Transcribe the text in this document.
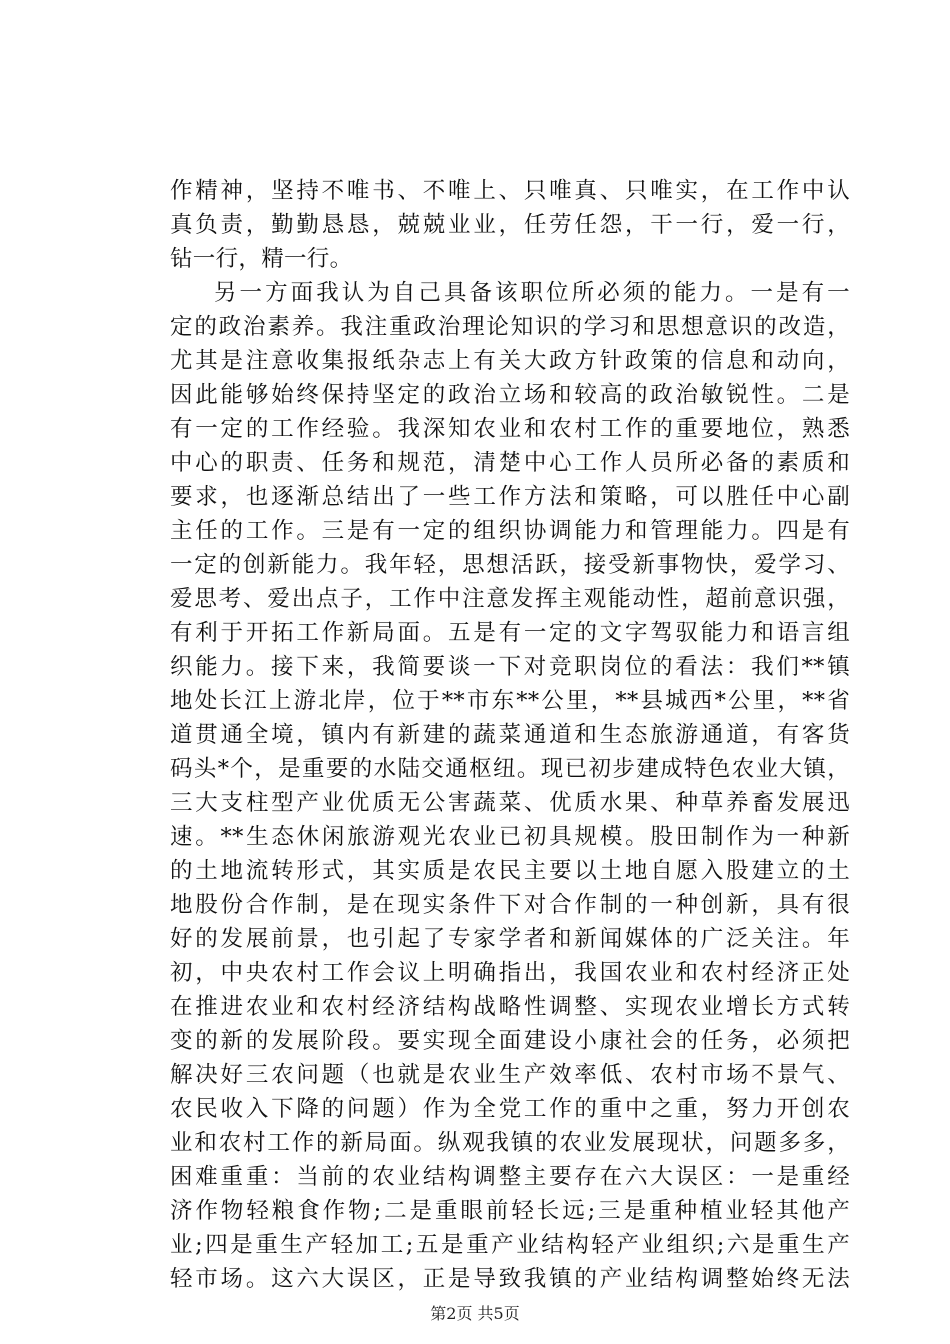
作精神，坚持不唯书、不唯上、只唯真、只唯实，在工作中认
真负责，勤勤恳恳，兢兢业业，任劳任怨，干一行，爱一行，
钻一行，精一行。
另一方面我认为自己具备该职位所必须的能力。一是有一
定的政治素养。我注重政治理论知识的学习和思想意识的改造，
尤其是注意收集报纸杂志上有关大政方针政策的信息和动向，
因此能够始终保持坚定的政治立场和较高的政治敏锐性。二是
有一定的工作经验。我深知农业和农村工作的重要地位，熟悉
中心的职责、任务和规范，清楚中心工作人员所必备的素质和
要求，也逐渐总结出了一些工作方法和策略，可以胜任中心副
主任的工作。三是有一定的组织协调能力和管理能力。四是有
一定的创新能力。我年轻，思想活跃，接受新事物快，爱学习、
爱思考、爱出点子，工作中注意发挥主观能动性，超前意识强，
有利于开拓工作新局面。五是有一定的文字驾驭能力和语言组
织能力。接下来，我简要谈一下对竞职岗位的看法：我们**镇
地处长江上游北岸，位于**市东**公里，**县城西*公里，**省
道贯通全境，镇内有新建的蔬菜通道和生态旅游通道，有客货
码头*个，是重要的水陆交通枢纽。现已初步建成特色农业大镇，
三大支柱型产业优质无公害蔬菜、优质水果、种草养畜发展迅
速。**生态休闲旅游观光农业已初具规模。股田制作为一种新
的土地流转形式，其实质是农民主要以土地自愿入股建立的土
地股份合作制，是在现实条件下对合作制的一种创新，具有很
好的发展前景，也引起了专家学者和新闻媒体的广泛关注。年
初，中央农村工作会议上明确指出，我国农业和农村经济正处
在推进农业和农村经济结构战略性调整、实现农业增长方式转
变的新的发展阶段。要实现全面建设小康社会的任务，必须把
解决好三农问题（也就是农业生产效率低、农村市场不景气、
农民收入下降的问题）作为全党工作的重中之重，努力开创农
业和农村工作的新局面。纵观我镇的农业发展现状，问题多多，
困难重重：当前的农业结构调整主要存在六大误区：一是重经
济作物轻粮食作物;二是重眼前轻长远;三是重种植业轻其他产
业;四是重生产轻加工;五是重产业结构轻产业组织;六是重生产
轻市场。这六大误区，正是导致我镇的产业结构调整始终无法
第2页 共5页
